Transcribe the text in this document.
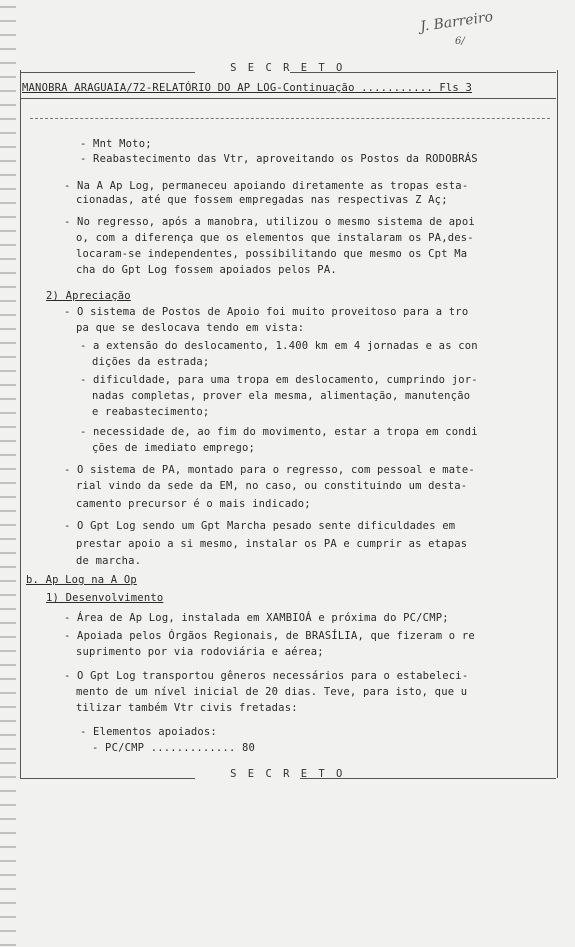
J. Barreiro
6/
S E C R E T O
MANOBRA ARAGUAIA/72-RELATÓRIO DO AP LOG-Continuação ........... Fls 3
- Mnt Moto;
- Reabastecimento das Vtr, aproveitando os Postos da RODOBRÁS
- Na A Ap Log, permaneceu apoiando diretamente as tropas esta-
cionadas, até que fossem empregadas nas respectivas Z Aç;
- No regresso, após a manobra, utilizou o mesmo sistema de apoi
o, com a diferença que os elementos que instalaram os PA,des-
locaram-se independentes, possibilitando que mesmo os Cpt Ma
cha do Gpt Log fossem apoiados pelos PA.
2) Apreciação
- O sistema de Postos de Apoio foi muito proveitoso para a tro
pa que se deslocava tendo em vista:
- a extensão do deslocamento, 1.400 km em 4 jornadas e as con
dições da estrada;
- dificuldade, para uma tropa em deslocamento, cumprindo jor-
nadas completas, prover ela mesma, alimentação, manutenção
e reabastecimento;
- necessidade de, ao fim do movimento, estar a tropa em condi
ções de imediato emprego;
- O sistema de PA, montado para o regresso, com pessoal e mate-
rial vindo da sede da EM, no caso, ou constituindo um desta-
camento precursor é o mais indicado;
- O Gpt Log sendo um Gpt Marcha pesado sente dificuldades em
prestar apoio a si mesmo, instalar os PA e cumprir as etapas
de marcha.
b. Ap Log na A Op
1) Desenvolvimento
- Área de Ap Log, instalada em XAMBIOÁ e próxima do PC/CMP;
- Apoiada pelos Órgãos Regionais, de BRASÍLIA, que fizeram o re
suprimento por via rodoviária e aérea;
- O Gpt Log transportou gêneros necessários para o estabeleci-
mento de um nível inicial de 20 dias. Teve, para isto, que u
tilizar também Vtr civis fretadas:
- Elementos apoiados:
- PC/CMP ............. 80
S E C R E T O
